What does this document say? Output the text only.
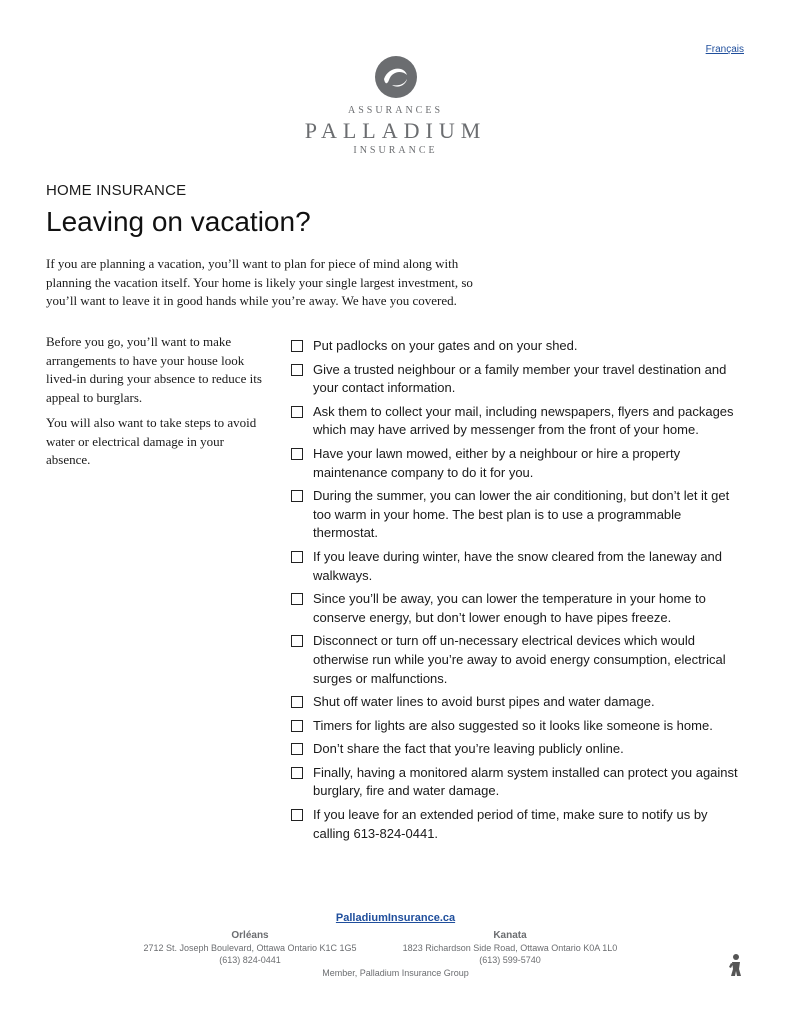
Français
ASSURANCES
PALLADIUM
INSURANCE
HOME INSURANCE
Leaving on vacation?

If you are planning a vacation, you’ll want to plan for piece of mind along with planning the vacation itself. Your home is likely your single largest investment, so you’ll want to leave it in good hands while you’re away. We have you covered.

Before you go, you’ll want to make arrangements to have your house look lived-in during your absence to reduce its appeal to burglars.

You will also want to take steps to avoid water or electrical damage in your absence.

Put padlocks on your gates and on your shed.
Give a trusted neighbour or a family member your travel destination and your contact information.
Ask them to collect your mail, including newspapers, flyers and packages which may have arrived by messenger from the front of your home.
Have your lawn mowed, either by a neighbour or hire a property maintenance company to do it for you.
During the summer, you can lower the air conditioning, but don’t let it get too warm in your home. The best plan is to use a programmable thermostat.
If you leave during winter, have the snow cleared from the laneway and walkways.
Since you’ll be away, you can lower the temperature in your home to conserve energy, but don’t lower enough to have pipes freeze.
Disconnect or turn off un-necessary electrical devices which would otherwise run while you’re away to avoid energy consumption, electrical surges or malfunctions.
Shut off water lines to avoid burst pipes and water damage.
Timers for lights are also suggested so it looks like someone is home.
Don’t share the fact that you’re leaving publicly online.
Finally, having a monitored alarm system installed can protect you against burglary, fire and water damage.
If you leave for an extended period of time, make sure to notify us by calling 613-824-0441.
PalladiumInsurance.ca
Orléans
2712 St. Joseph Boulevard, Ottawa Ontario K1C 1G5
(613) 824-0441
Kanata
1823 Richardson Side Road, Ottawa Ontario K0A 1L0
(613) 599-5740
Member, Palladium Insurance Group
